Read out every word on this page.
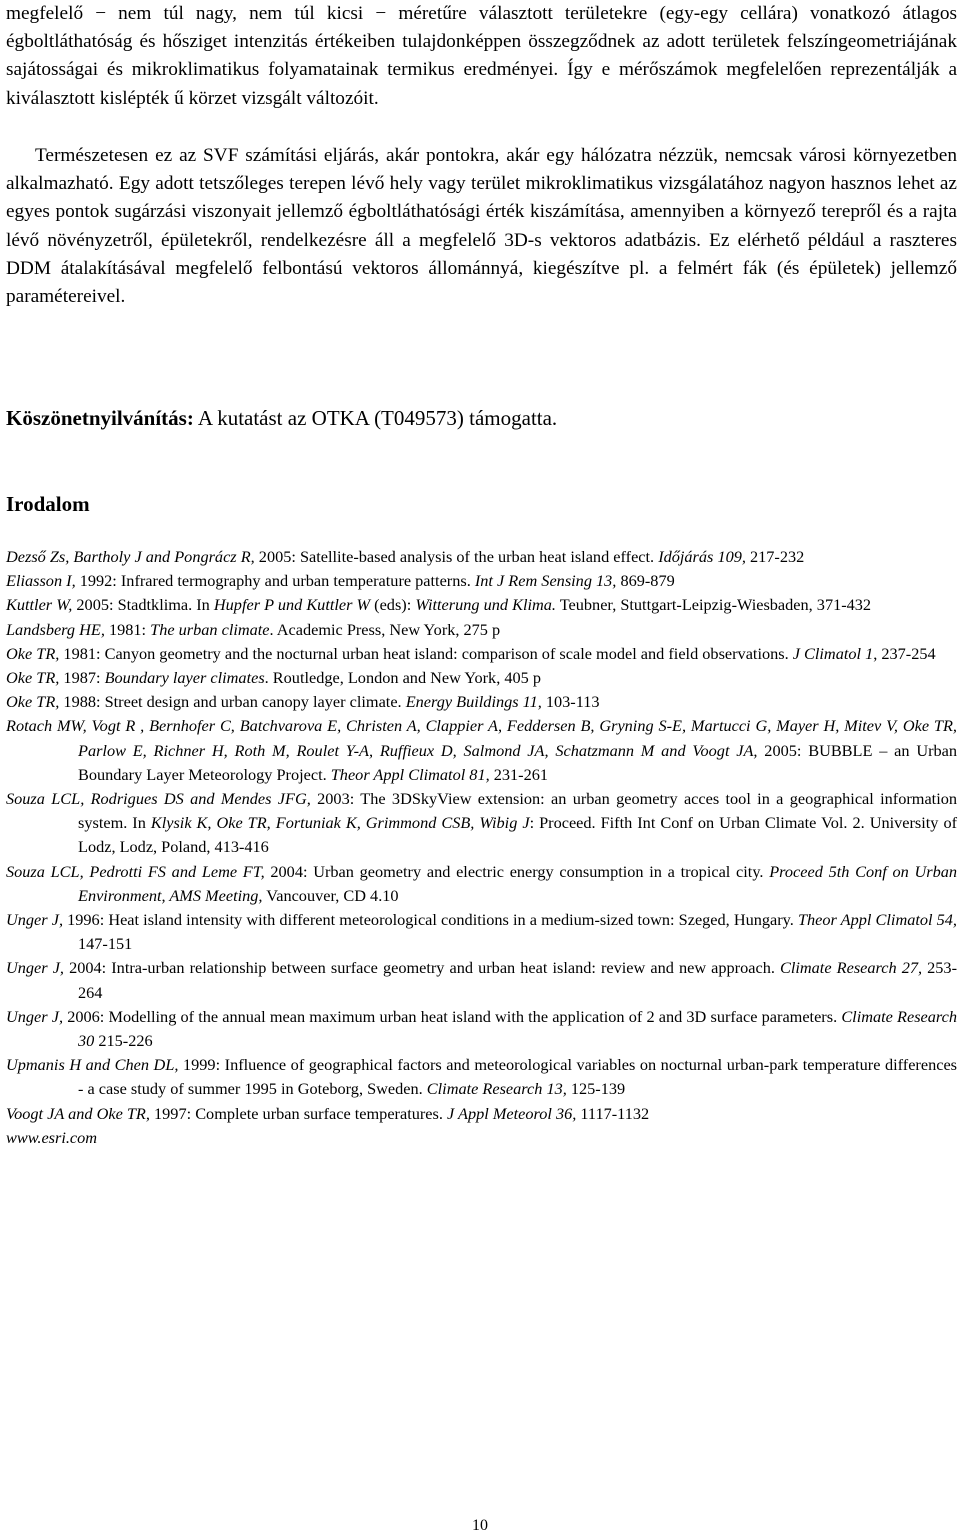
megfelelő − nem túl nagy, nem túl kicsi − méretűre választott területekre (egy-egy cellára) vonatkozó átlagos égboltláthatóság és hősziget intenzitás értékeiben tulajdonképpen összegződnek az adott területek felszíngeometriájának sajátosságai és mikroklimatikus folyamatainak termikus eredményei. Így e mérőszámok megfelelően reprezentálják a kiválasztott kislépték ű körzet vizsgált változóit.

Természetesen ez az SVF számítási eljárás, akár pontokra, akár egy hálózatra nézzük, nemcsak városi környezetben alkalmazható. Egy adott tetszőleges terepen lévő hely vagy terület mikroklimatikus vizsgálatához nagyon hasznos lehet az egyes pontok sugárzási viszonyait jellemző égboltláthatósági érték kiszámítása, amennyiben a környező terepről és a rajta lévő növényzetről, épületekről, rendelkezésre áll a megfelelő 3D-s vektoros adatbázis. Ez elérhető például a raszteres DDM átalakításával megfelelő felbontású vektoros állománnyá, kiegészítve pl. a felmért fák (és épületek) jellemző paramétereivel.

Köszönetnyilvánítás: A kutatást az OTKA (T049573) támogatta.

Irodalom

Dezső Zs, Bartholy J and Pongrácz R, 2005: Satellite-based analysis of the urban heat island effect. Időjárás 109, 217-232

Eliasson I, 1992: Infrared termography and urban temperature patterns. Int J Rem Sensing 13, 869-879

Kuttler W, 2005: Stadtklima. In Hupfer P und Kuttler W (eds): Witterung und Klima. Teubner, Stuttgart-Leipzig-Wiesbaden, 371-432

Landsberg HE, 1981: The urban climate. Academic Press, New York, 275 p

Oke TR, 1981: Canyon geometry and the nocturnal urban heat island: comparison of scale model and field observations. J Climatol 1, 237-254

Oke TR, 1987: Boundary layer climates. Routledge, London and New York, 405 p

Oke TR, 1988: Street design and urban canopy layer climate. Energy Buildings 11, 103-113

Rotach MW, Vogt R , Bernhofer C, Batchvarova E, Christen A, Clappier A, Feddersen B, Gryning S-E, Martucci G, Mayer H, Mitev V, Oke TR, Parlow E, Richner H, Roth M, Roulet Y-A, Ruffieux D, Salmond JA, Schatzmann M and Voogt JA, 2005: BUBBLE – an Urban Boundary Layer Meteorology Project. Theor Appl Climatol 81, 231-261

Souza LCL, Rodrigues DS and Mendes JFG, 2003: The 3DSkyView extension: an urban geometry acces tool in a geographical information system. In Klysik K, Oke TR, Fortuniak K, Grimmond CSB, Wibig J: Proceed. Fifth Int Conf on Urban Climate Vol. 2. University of Lodz, Lodz, Poland, 413-416

Souza LCL, Pedrotti FS and Leme FT, 2004: Urban geometry and electric energy consumption in a tropical city. Proceed 5th Conf on Urban Environment, AMS Meeting, Vancouver, CD 4.10

Unger J, 1996: Heat island intensity with different meteorological conditions in a medium-sized town: Szeged, Hungary. Theor Appl Climatol 54, 147-151

Unger J, 2004: Intra-urban relationship between surface geometry and urban heat island: review and new approach. Climate Research 27, 253-264

Unger J, 2006: Modelling of the annual mean maximum urban heat island with the application of 2 and 3D surface parameters. Climate Research 30 215-226

Upmanis H and Chen DL, 1999: Influence of geographical factors and meteorological variables on nocturnal urban-park temperature differences - a case study of summer 1995 in Goteborg, Sweden. Climate Research 13, 125-139

Voogt JA and Oke TR, 1997: Complete urban surface temperatures. J Appl Meteorol 36, 1117-1132

www.esri.com

10
